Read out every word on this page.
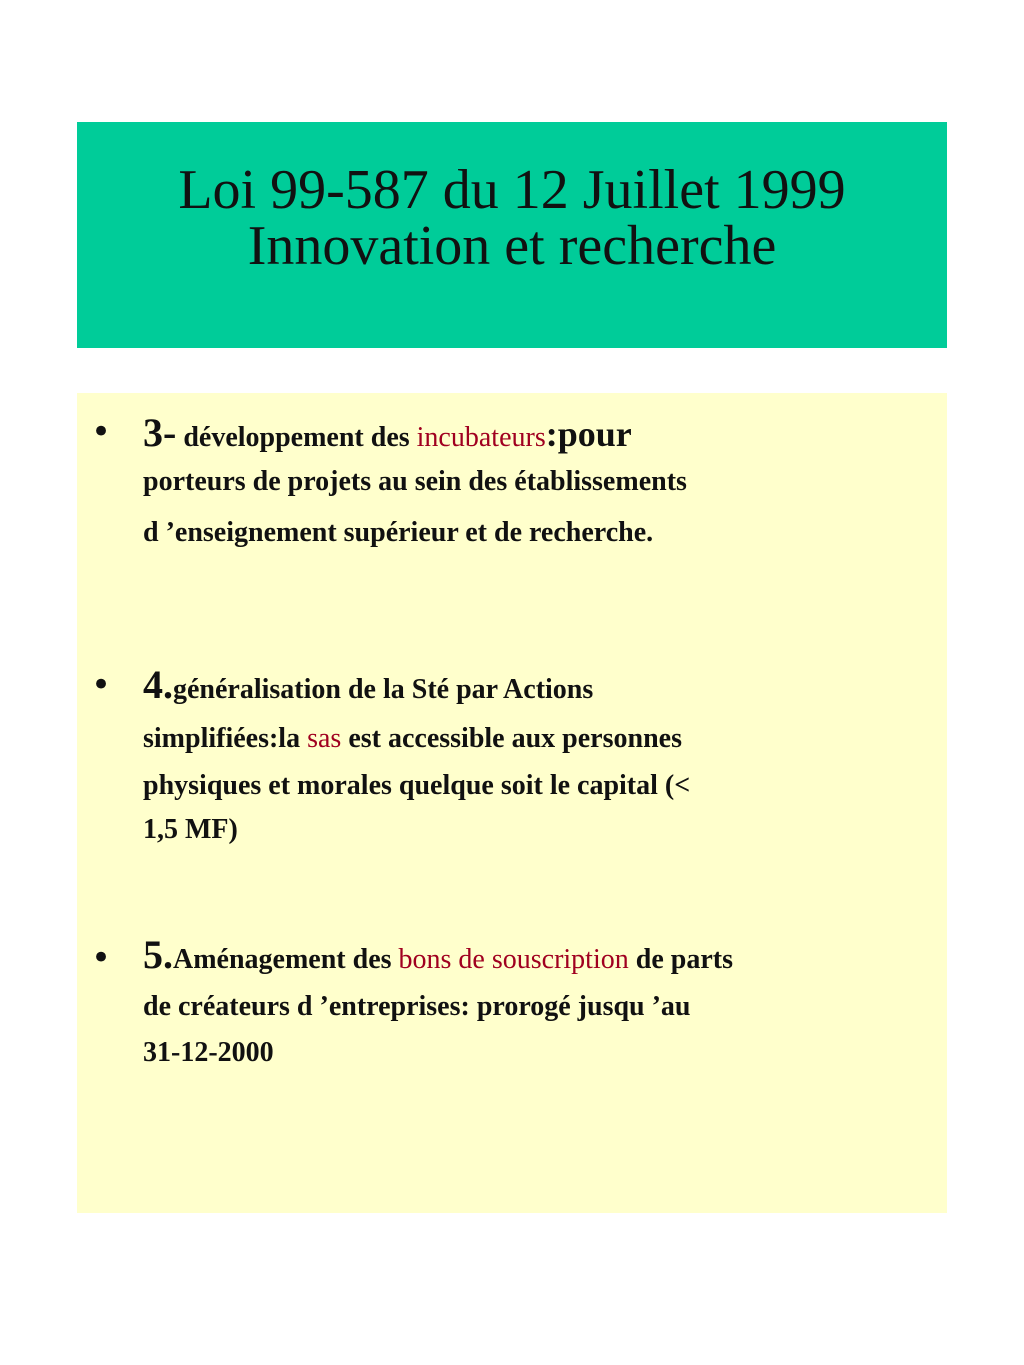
Loi 99-587 du 12 Juillet 1999
Innovation et recherche
• 3- développement des incubateurs:pour
porteurs de projets au sein des établissements
d ’enseignement supérieur et de recherche.
• 4.généralisation de la Sté par Actions
simplifiées:la sas est accessible aux personnes
physiques et morales quelque soit le capital (<
1,5 MF)
• 5.Aménagement des bons de souscription de parts
de créateurs d ’entreprises: prorogé jusqu ’au
31-12-2000
